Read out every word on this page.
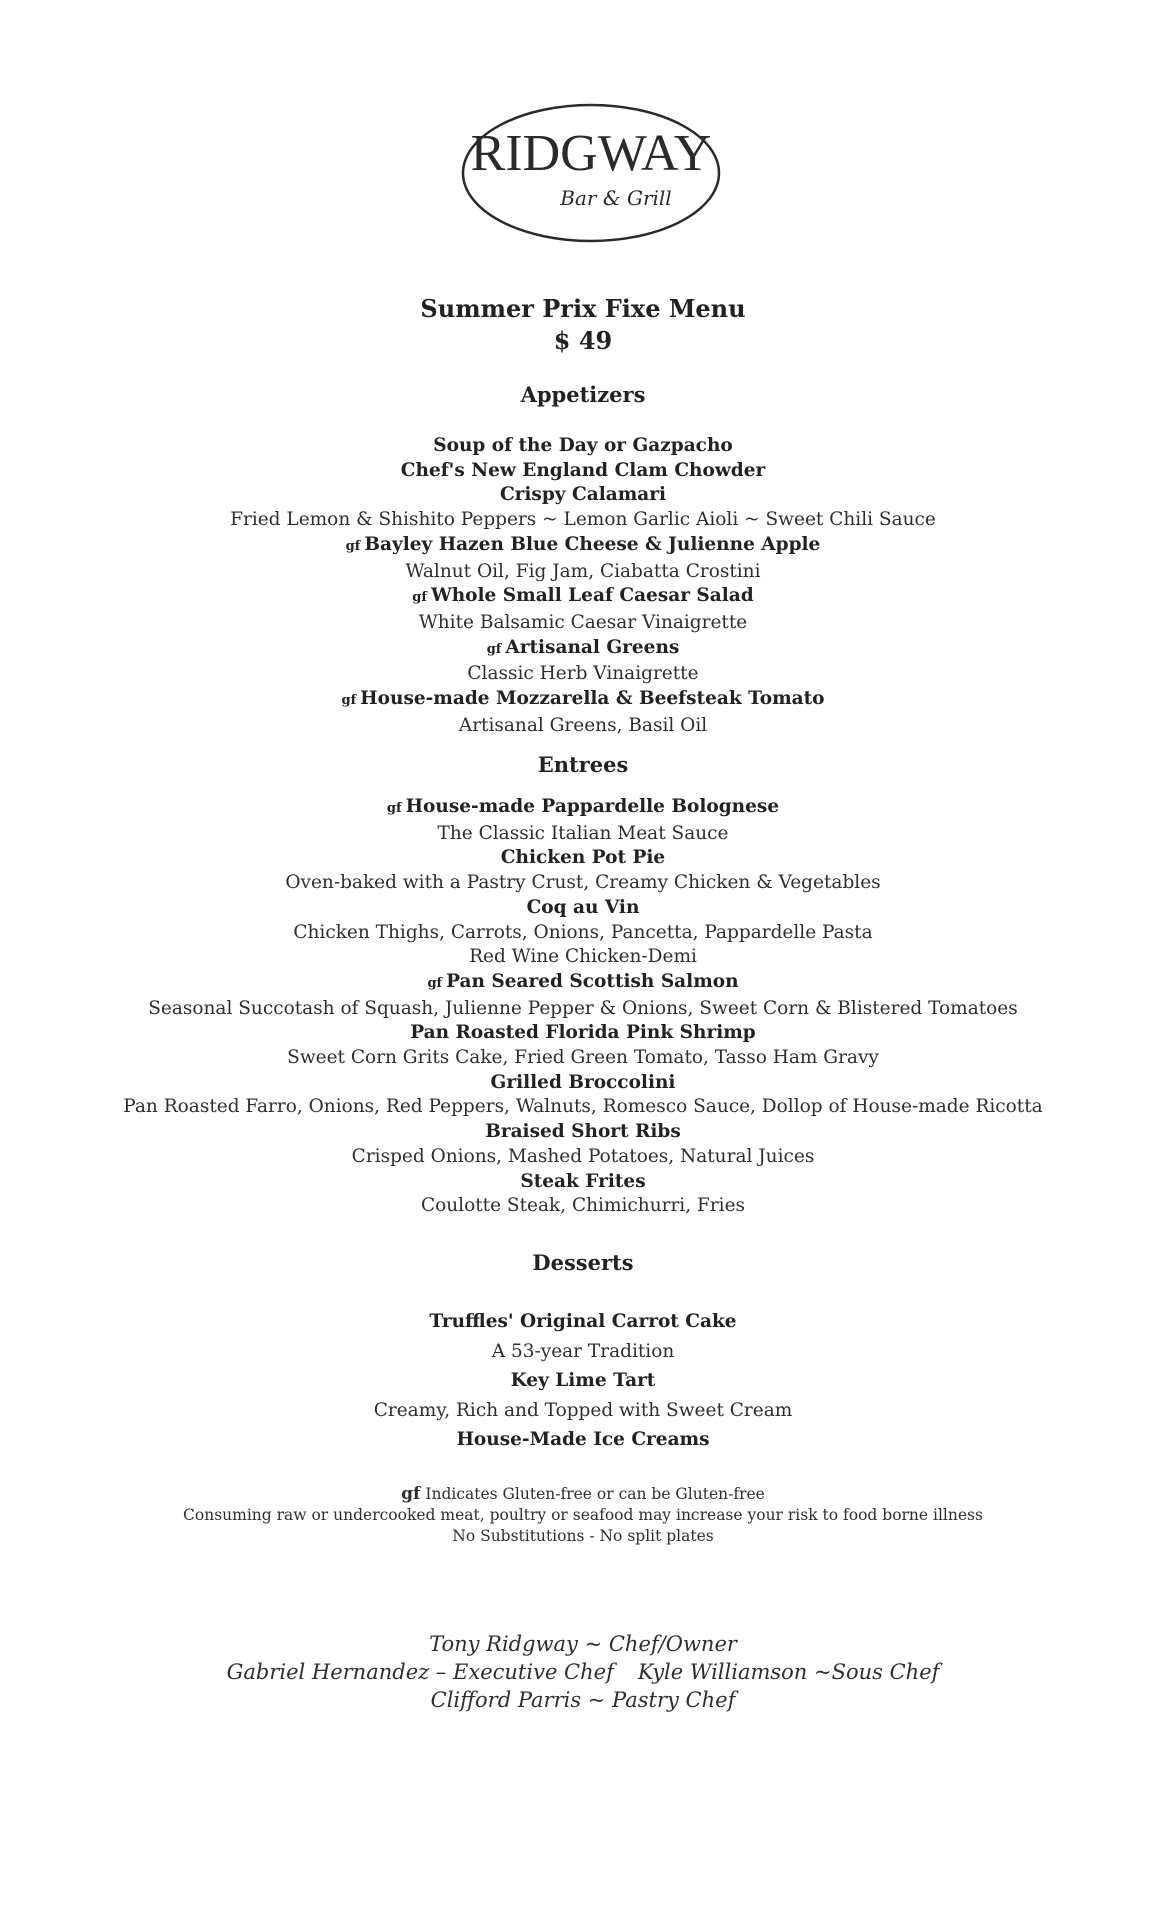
RIDGWAY
Bar & Grill
Summer Prix Fixe Menu
$ 49
Appetizers
Soup of the Day or Gazpacho
Chef's New England Clam Chowder
Crispy Calamari
Fried Lemon & Shishito Peppers ~ Lemon Garlic Aioli ~ Sweet Chili Sauce
gf Bayley Hazen Blue Cheese & Julienne Apple
Walnut Oil, Fig Jam, Ciabatta Crostini
gf Whole Small Leaf Caesar Salad
White Balsamic Caesar Vinaigrette
gf Artisanal Greens
Classic Herb Vinaigrette
gf House-made Mozzarella & Beefsteak Tomato
Artisanal Greens, Basil Oil
Entrees
gf House-made Pappardelle Bolognese
The Classic Italian Meat Sauce
Chicken Pot Pie
Oven-baked with a Pastry Crust, Creamy Chicken & Vegetables
Coq au Vin
Chicken Thighs, Carrots, Onions, Pancetta, Pappardelle Pasta
Red Wine Chicken-Demi
gf Pan Seared Scottish Salmon
Seasonal Succotash of Squash, Julienne Pepper & Onions, Sweet Corn & Blistered Tomatoes
Pan Roasted Florida Pink Shrimp
Sweet Corn Grits Cake, Fried Green Tomato, Tasso Ham Gravy
Grilled Broccolini
Pan Roasted Farro, Onions, Red Peppers, Walnuts, Romesco Sauce, Dollop of House-made Ricotta
Braised Short Ribs
Crisped Onions, Mashed Potatoes, Natural Juices
Steak Frites
Coulotte Steak, Chimichurri, Fries
Desserts
Truffles' Original Carrot Cake
A 53-year Tradition
Key Lime Tart
Creamy, Rich and Topped with Sweet Cream
House-Made Ice Creams
gf Indicates Gluten-free or can be Gluten-free
Consuming raw or undercooked meat, poultry or seafood may increase your risk to food borne illness
No Substitutions - No split plates
Tony Ridgway ~ Chef/Owner
Gabriel Hernandez – Executive Chef Kyle Williamson ~Sous Chef
Clifford Parris ~ Pastry Chef
